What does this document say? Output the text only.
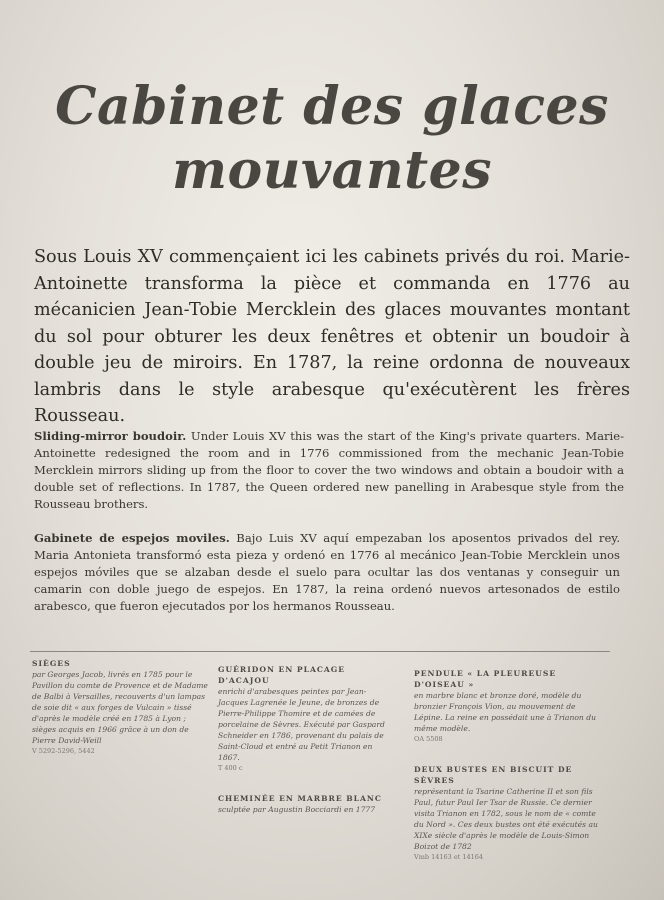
Cabinet des glaces
mouvantes

Sous Louis XV commençaient ici les cabinets privés du roi. Marie-Antoinette transforma la pièce et commanda en 1776 au mécanicien Jean-Tobie Mercklein des glaces mouvantes montant du sol pour obturer les deux fenêtres et obtenir un boudoir à double jeu de miroirs. En 1787, la reine ordonna de nouveaux lambris dans le style arabesque qu'exécutèrent les frères Rousseau.

Sliding-mirror boudoir. Under Louis XV this was the start of the King's private quarters. Marie-Antoinette redesigned the room and in 1776 commissioned from the mechanic Jean-Tobie Mercklein mirrors sliding up from the floor to cover the two windows and obtain a boudoir with a double set of reflections. In 1787, the Queen ordered new panelling in Arabesque style from the Rousseau brothers.

Gabinete de espejos moviles. Bajo Luis XV aquí empezaban los aposentos privados del rey. Maria Antonieta transformó esta pieza y ordenó en 1776 al mecánico Jean-Tobie Mercklein unos espejos móviles que se alzaban desde el suelo para ocultar las dos ventanas y conseguir un camarin con doble juego de espejos. En 1787, la reina ordenó nuevos artesonados de estilo arabesco, que fueron ejecutados por los hermanos Rousseau.

SIÈGES
par Georges Jacob, livrés en 1785 pour le Pavillon du comte de Provence et de Madame de Balbi à Versailles, recouverts d'un lampas de soie dit « aux forges de Vulcain » tissé d'après le modèle créé en 1785 à Lyon ; sièges acquis en 1966 grâce à un don de Pierre David-Weill
V 5292-5296, 5442
GUÉRIDON EN PLACAGE D'ACAJOU
enrichi d'arabesques peintes par Jean-Jacques Lagrenée le Jeune, de bronzes de Pierre-Philippe Thomire et de camées de porcelaine de Sèvres. Exécuté par Gaspard Schneider en 1786, provenant du palais de Saint-Cloud et entré au Petit Trianon en 1867.
T 400 c
CHEMINÉE EN MARBRE BLANC
sculptée par Augustin Bocciardi en 1777
PENDULE « LA PLEUREUSE D'OISEAU »
en marbre blanc et bronze doré, modèle du bronzier François Vion, au mouvement de Lépine. La reine en possédait une à Trianon du même modèle.
OA 5508
DEUX BUSTES EN BISCUIT DE SÈVRES
représentant la Tsarine Catherine II et son fils Paul, futur Paul Ier Tsar de Russie. Ce dernier visita Trianon en 1782, sous le nom de « comte du Nord ». Ces deux bustes ont été exécutés au XIXe siècle d'après le modèle de Louis-Simon Boizot de 1782
Vmb 14163 et 14164
